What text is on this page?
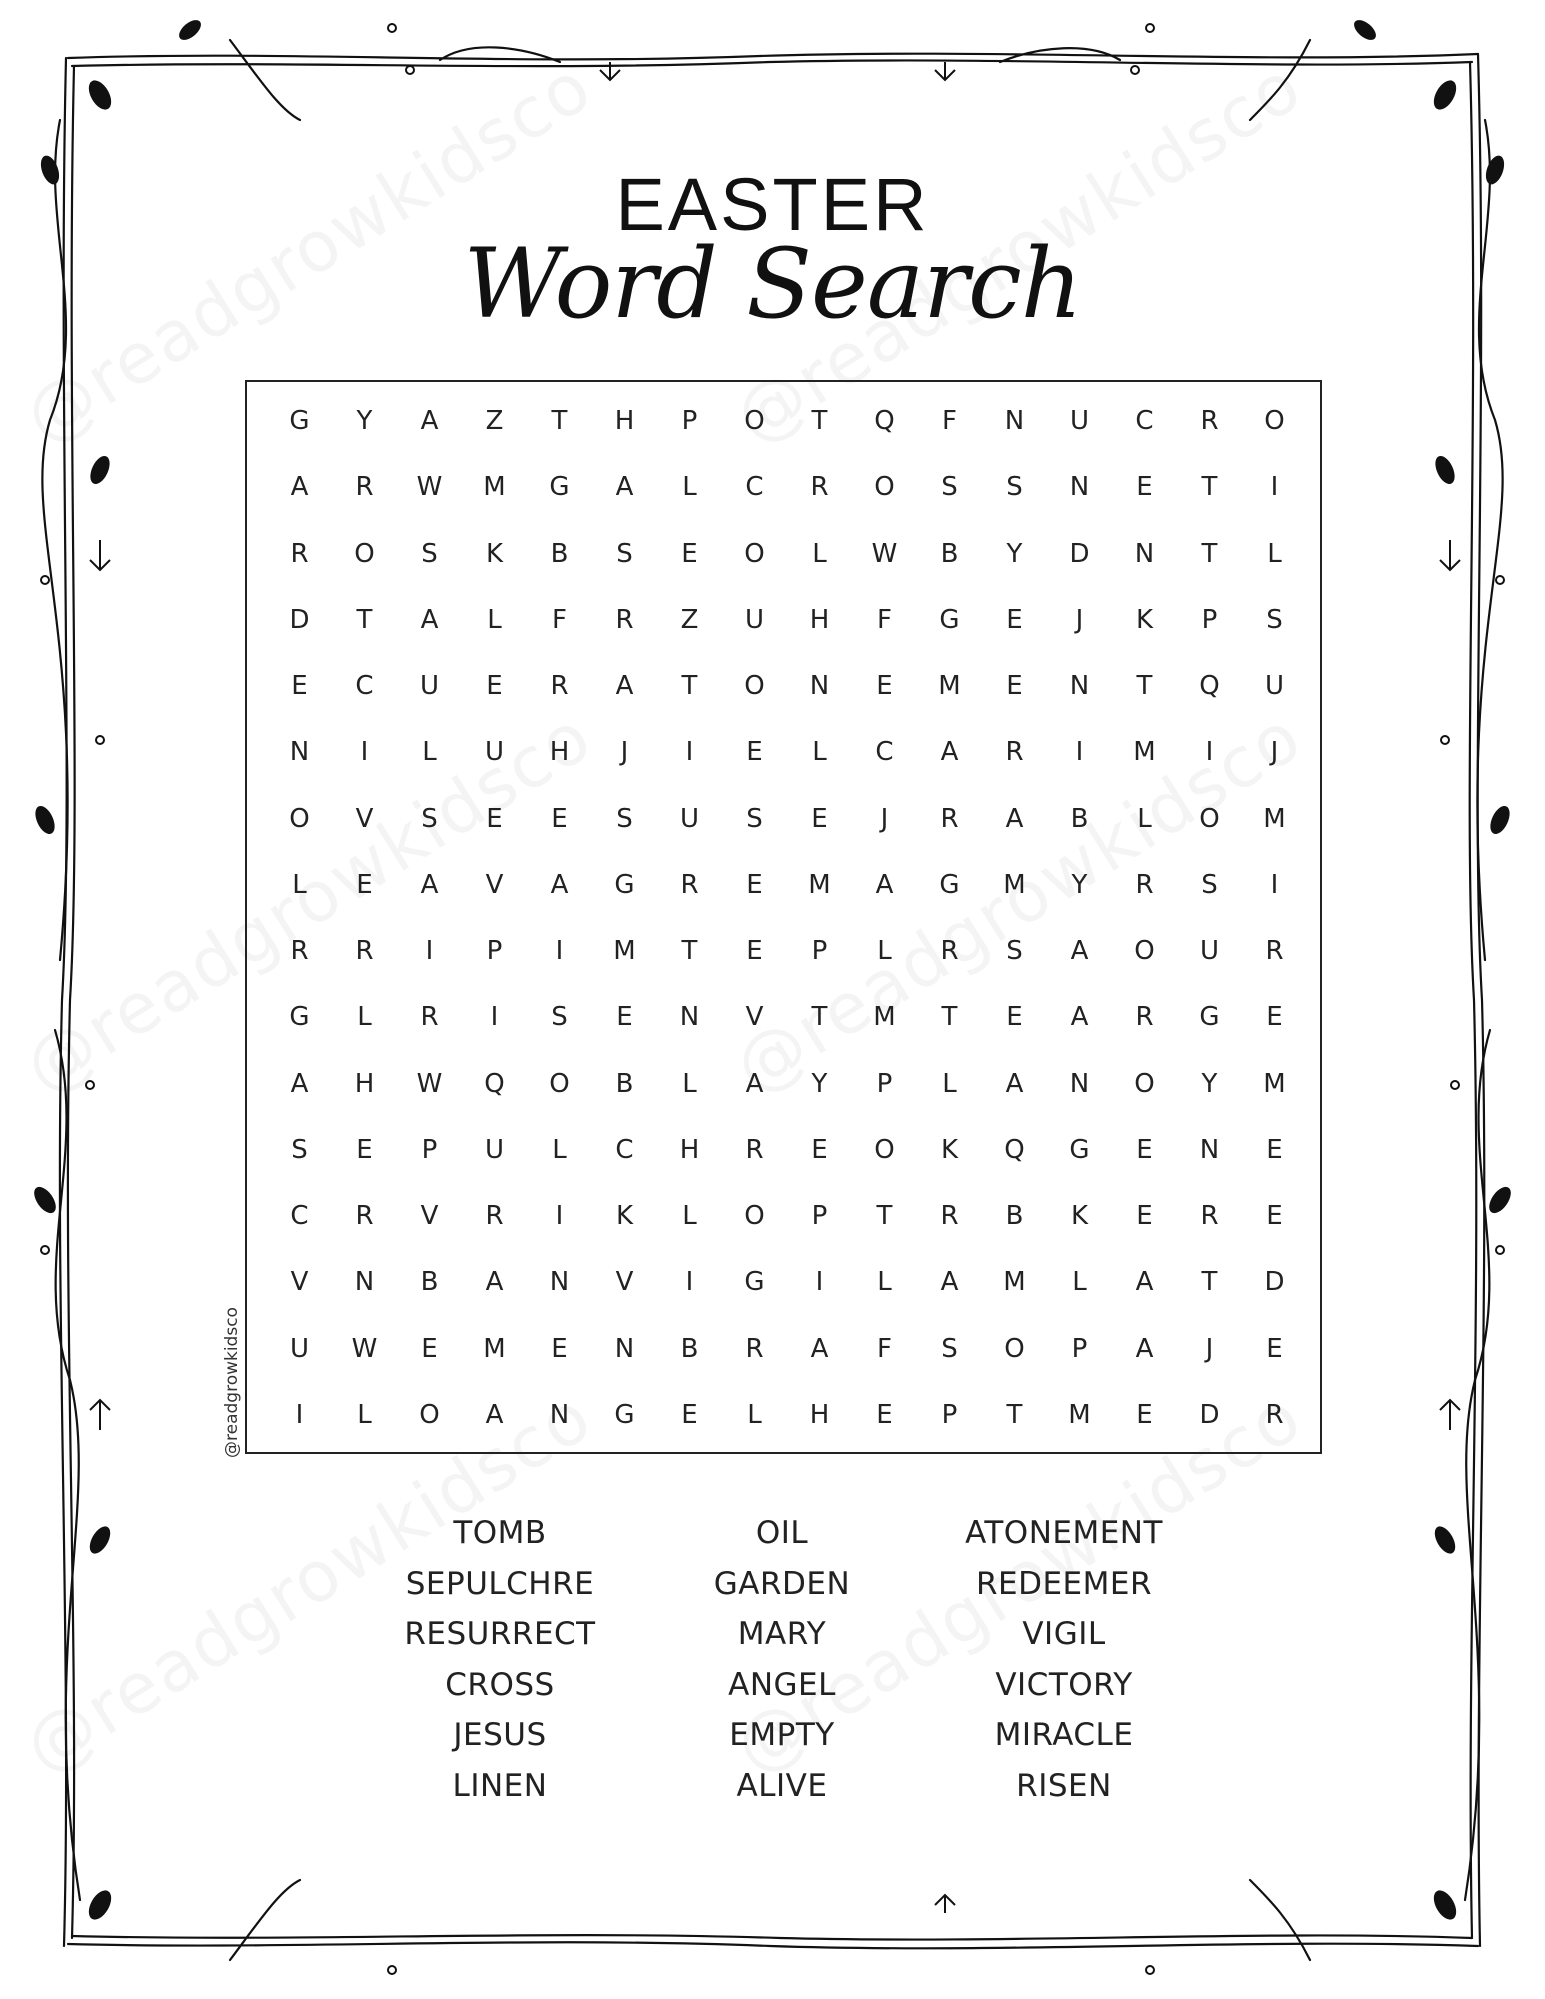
EASTER
Word Search
G	Y	A	Z	T	H	P	O	T	Q	F	N	U	C	R	O
A	R	W	M	G	A	L	C	R	O	S	S	N	E	T	I
R	O	S	K	B	S	E	O	L	W	B	Y	D	N	T	L
D	T	A	L	F	R	Z	U	H	F	G	E	J	K	P	S
E	C	U	E	R	A	T	O	N	E	M	E	N	T	Q	U
N	I	L	U	H	J	I	E	L	C	A	R	I	M	I	J
O	V	S	E	E	S	U	S	E	J	R	A	B	L	O	M
L	E	A	V	A	G	R	E	M	A	G	M	Y	R	S	I
R	R	I	P	I	M	T	E	P	L	R	S	A	O	U	R
G	L	R	I	S	E	N	V	T	M	T	E	A	R	G	E
A	H	W	Q	O	B	L	A	Y	P	L	A	N	O	Y	M
S	E	P	U	L	C	H	R	E	O	K	Q	G	E	N	E
C	R	V	R	I	K	L	O	P	T	R	B	K	E	R	E
V	N	B	A	N	V	I	G	I	L	A	M	L	A	T	D
U	W	E	M	E	N	B	R	A	F	S	O	P	A	J	E
I	L	O	A	N	G	E	L	H	E	P	T	M	E	D	R
@readgrowkidsco
TOMB
SEPULCHRE
RESURRECT
CROSS
JESUS
LINEN
OIL
GARDEN
MARY
ANGEL
EMPTY
ALIVE
ATONEMENT
REDEEMER
VIGIL
VICTORY
MIRACLE
RISEN
